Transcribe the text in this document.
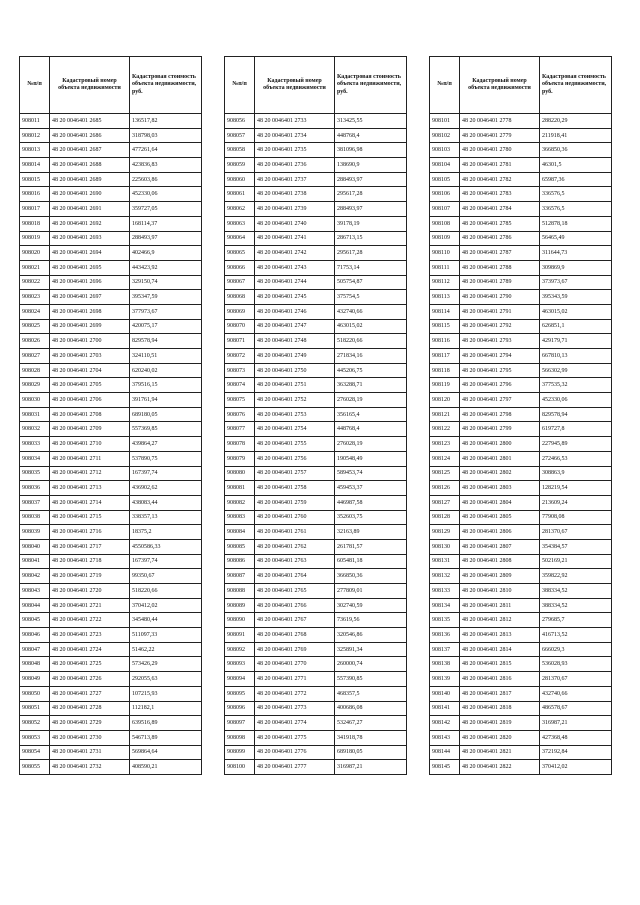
№п/п	Кадастровый номер объекта недвижимости	Кадастровая стоимость объекта недвижимости, руб.
908011	48 20 0046401 2685	136517,82
908012	48 20 0046401 2686	318798,03
908013	48 20 0046401 2687	477261,64
908014	48 20 0046401 2688	423836,83
908015	48 20 0046401 2689	225603,86
908016	48 20 0046401 2690	452330,06
908017	48 20 0046401 2691	359727,05
908018	48 20 0046401 2692	168114,37
908019	48 20 0046401 2693	288493,97
908020	48 20 0046401 2694	402466,9
908021	48 20 0046401 2695	443423,92
908022	48 20 0046401 2696	329150,74
908023	48 20 0046401 2697	395347,59
908024	48 20 0046401 2698	377973,67
908025	48 20 0046401 2699	420075,17
908026	48 20 0046401 2700	829578,94
908027	48 20 0046401 2703	324110,51
908028	48 20 0046401 2704	620240,02
908029	48 20 0046401 2705	379516,15
908030	48 20 0046401 2706	391761,94
908031	48 20 0046401 2708	689180,05
908032	48 20 0046401 2709	557369,85
908033	48 20 0046401 2710	439864,27
908034	48 20 0046401 2711	537890,75
908035	48 20 0046401 2712	167397,74
908036	48 20 0046401 2713	436902,62
908037	48 20 0046401 2714	438083,44
908038	48 20 0046401 2715	338357,13
908039	48 20 0046401 2716	18375,2
908040	48 20 0046401 2717	4550586,33
908041	48 20 0046401 2718	167397,74
908042	48 20 0046401 2719	99350,67
908043	48 20 0046401 2720	518220,66
908044	48 20 0046401 2721	370412,02
908045	48 20 0046401 2722	345480,44
908046	48 20 0046401 2723	511097,33
908047	48 20 0046401 2724	51462,22
908048	48 20 0046401 2725	573426,29
908049	48 20 0046401 2726	292055,63
908050	48 20 0046401 2727	107215,93
908051	48 20 0046401 2728	112182,1
908052	48 20 0046401 2729	639516,89
908053	48 20 0046401 2730	546713,89
908054	48 20 0046401 2731	569864,64
908055	48 20 0046401 2732	408590,21
№п/п	Кадастровый номер объекта недвижимости	Кадастровая стоимость объекта недвижимости, руб.
908056	48 20 0046401 2733	313425,55
908057	48 20 0046401 2734	448768,4
908058	48 20 0046401 2735	381096,98
908059	48 20 0046401 2736	138690,9
908060	48 20 0046401 2737	288493,97
908061	48 20 0046401 2738	295617,28
908062	48 20 0046401 2739	288493,97
908063	48 20 0046401 2740	39178,19
908064	48 20 0046401 2741	286713,15
908065	48 20 0046401 2742	295617,28
908066	48 20 0046401 2743	71753,14
908067	48 20 0046401 2744	505754,87
908068	48 20 0046401 2745	375754,5
908069	48 20 0046401 2746	432740,66
908070	48 20 0046401 2747	463015,02
908071	48 20 0046401 2748	518220,66
908072	48 20 0046401 2749	271834,16
908073	48 20 0046401 2750	445206,75
908074	48 20 0046401 2751	363288,71
908075	48 20 0046401 2752	276028,19
908076	48 20 0046401 2753	356165,4
908077	48 20 0046401 2754	448768,4
908078	48 20 0046401 2755	276028,19
908079	48 20 0046401 2756	190548,49
908080	48 20 0046401 2757	589453,74
908081	48 20 0046401 2758	459453,37
908082	48 20 0046401 2759	446987,58
908083	48 20 0046401 2760	352603,75
908084	48 20 0046401 2761	32163,89
908085	48 20 0046401 2762	261781,57
908086	48 20 0046401 2763	605481,18
908087	48 20 0046401 2764	366850,36
908088	48 20 0046401 2765	277809,01
908089	48 20 0046401 2766	302740,59
908090	48 20 0046401 2767	73619,56
908091	48 20 0046401 2768	320546,86
908092	48 20 0046401 2769	325891,34
908093	48 20 0046401 2770	260000,74
908094	48 20 0046401 2771	557390,85
908095	48 20 0046401 2772	468357,5
908096	48 20 0046401 2773	400686,08
908097	48 20 0046401 2774	532467,27
908098	48 20 0046401 2775	341918,78
908099	48 20 0046401 2776	689180,05
908100	48 20 0046401 2777	316987,21
№п/п	Кадастровый номер объекта недвижимости	Кадастровая стоимость объекта недвижимости, руб.
908101	48 20 0046401 2778	288220,29
908102	48 20 0046401 2779	211918,41
908103	48 20 0046401 2780	366850,36
908104	48 20 0046401 2781	46301,5
908105	48 20 0046401 2782	65987,36
908106	48 20 0046401 2783	336576,5
908107	48 20 0046401 2784	336576,5
908108	48 20 0046401 2785	512878,18
908109	48 20 0046401 2786	56465,49
908110	48 20 0046401 2787	311644,73
908111	48 20 0046401 2788	309869,9
908112	48 20 0046401 2789	373973,67
908113	48 20 0046401 2790	395343,59
908114	48 20 0046401 2791	463015,02
908115	48 20 0046401 2792	626851,1
908116	48 20 0046401 2793	429179,71
908117	48 20 0046401 2794	667810,13
908118	48 20 0046401 2795	566302,99
908119	48 20 0046401 2796	377535,32
908120	48 20 0046401 2797	452330,06
908121	48 20 0046401 2798	829578,94
908122	48 20 0046401 2799	619727,8
908123	48 20 0046401 2800	227945,89
908124	48 20 0046401 2801	272466,53
908125	48 20 0046401 2802	308863,9
908126	48 20 0046401 2803	128219,54
908127	48 20 0046401 2804	213609,24
908128	48 20 0046401 2805	77908,08
908129	48 20 0046401 2806	281370,67
908130	48 20 0046401 2807	354384,57
908131	48 20 0046401 2808	502169,21
908132	48 20 0046401 2809	359822,92
908133	48 20 0046401 2810	388334,52
908134	48 20 0046401 2811	388334,52
908135	48 20 0046401 2812	279685,7
908136	48 20 0046401 2813	416713,52
908137	48 20 0046401 2814	666029,3
908138	48 20 0046401 2815	536028,93
908139	48 20 0046401 2816	281370,67
908140	48 20 0046401 2817	432740,66
908141	48 20 0046401 2818	486578,67
908142	48 20 0046401 2819	316987,21
908143	48 20 0046401 2820	427368,48
908144	48 20 0046401 2821	372192,84
908145	48 20 0046401 2822	370412,02
